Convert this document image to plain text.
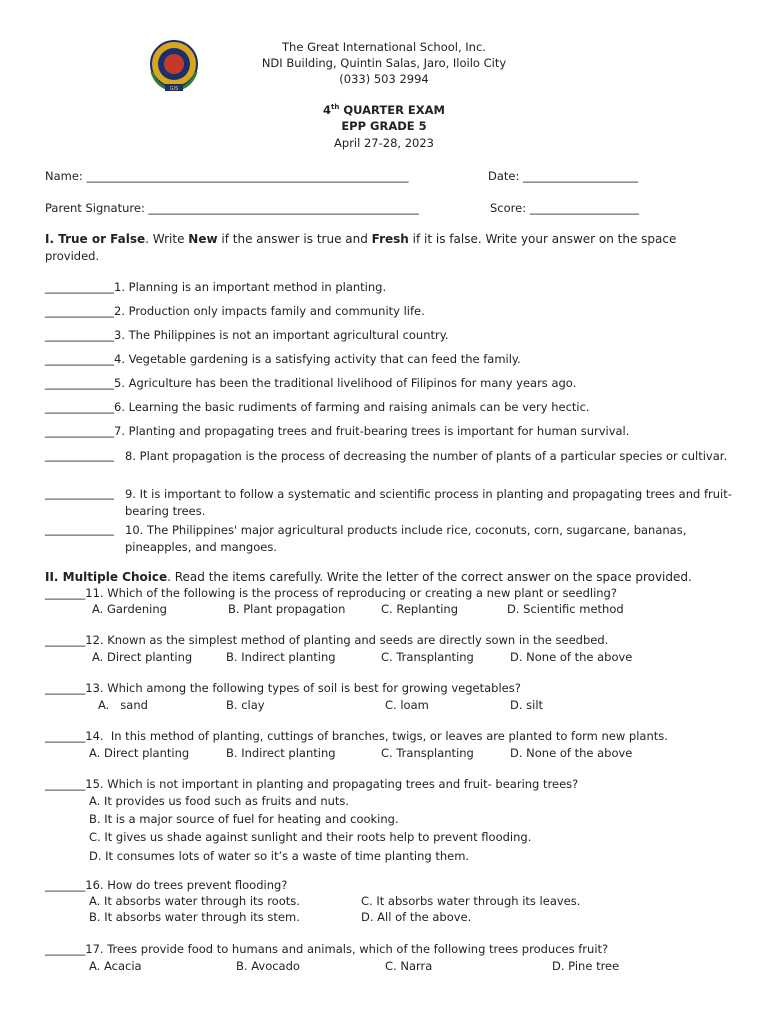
GIS
The Great International School, Inc.
NDI Building, Quintin Salas, Jaro, Iloilo City
(033) 503 2994
4th QUARTER EXAM
EPP GRADE 5
April 27-28, 2023
Name: ________________________________________________________	Date: ____________________
Parent Signature: _______________________________________________	Score: ___________________
I. True or False. Write New if the answer is true and Fresh if it is false. Write your answer on the space
provided.
____________1. Planning is an important method in planting.
____________2. Production only impacts family and community life.
____________3. The Philippines is not an important agricultural country.
____________4. Vegetable gardening is a satisfying activity that can feed the family.
____________5. Agriculture has been the traditional livelihood of Filipinos for many years ago.
____________6. Learning the basic rudiments of farming and raising animals can be very hectic.
____________7. Planting and propagating trees and fruit-bearing trees is important for human survival.
____________ 8. Plant propagation is the process of decreasing the number of plants of a particular species or cultivar.
____________ 9. It is important to follow a systematic and scientific process in planting and propagating trees and fruit-bearing trees.
____________ 10. The Philippines' major agricultural products include rice, coconuts, corn, sugarcane, bananas, pineapples, and mangoes.
II. Multiple Choice. Read the items carefully. Write the letter of the correct answer on the space provided.
_______11. Which of the following is the process of reproducing or creating a new plant or seedling?
A. Gardening	B. Plant propagation	C. Replanting	D. Scientific method
_______12. Known as the simplest method of planting and seeds are directly sown in the seedbed.
A. Direct planting	B. Indirect planting	C. Transplanting	D. None of the above
_______13. Which among the following types of soil is best for growing vegetables?
A.   sand	B. clay	C. loam	D. silt
_______14.  In this method of planting, cuttings of branches, twigs, or leaves are planted to form new plants.
A. Direct planting	B. Indirect planting	C. Transplanting	D. None of the above
_______15. Which is not important in planting and propagating trees and fruit- bearing trees?
A. It provides us food such as fruits and nuts.
B. It is a major source of fuel for heating and cooking.
C. It gives us shade against sunlight and their roots help to prevent flooding.
D. It consumes lots of water so it’s a waste of time planting them.
_______16. How do trees prevent flooding?
A. It absorbs water through its roots.
B. It absorbs water through its stem.
C. It absorbs water through its leaves.
D. All of the above.
_______17. Trees provide food to humans and animals, which of the following trees produces fruit?
A. Acacia	B. Avocado	C. Narra	D. Pine tree
